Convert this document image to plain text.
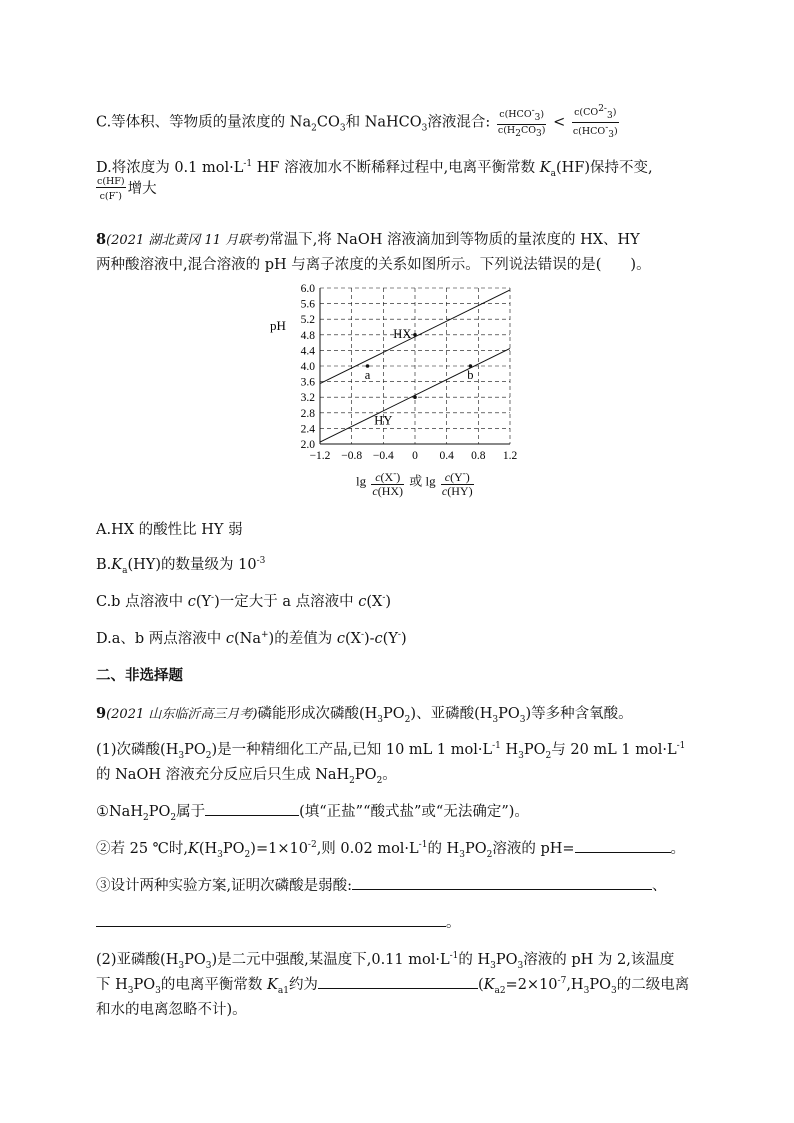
C.等体积、等物质的量浓度的 $Na_2CO_3$和 NaHCO$_3$溶液混合: $\frac{c(HCO^-_3)}{c(H_2CO_3)} < \frac{c(CO^{2-}_3)}{c(HCO^-_3)}$
D.将浓度为 0.1 $mol\cdot L^{-1}$ HF 溶液加水不断稀释过程中,电离平衡常数 $K_a(HF)$保持不变,
$\frac{c(HF)}{c(F^-)}$ 增大
8(2021 湖北黄冈 11 月联考)常温下,将 NaOH 溶液滴加到等物质的量浓度的 HX、HY
两种酸溶液中,混合溶液的 pH 与离子浓度的关系如图所示。下列说法错误的是(　　)。
2.0
2.4
2.8
3.2
3.6
4.0
4.4
4.8
5.2
5.6
6.0
−1.2 −0.8 −0.4 0 0.4 0.8 1.2
HX
HY
a	b
pH
$\lg \frac{c(X^-)}{c(HX)}$ 或 $\lg \frac{c(Y^-)}{c(HY)}$
A.HX 的酸性比 HY 弱
$B.K_a(HY)$的数量级为 $10^{-3}$
C.b 点溶液中 c(Y-)一定大于 a 点溶液中 c(X-)
D.a、b 两点溶液中 c(Na+)的差值为 c(X-)-c(Y-)
二、非选择题
9(2021 山东临沂高三月考)磷能形成次磷酸$(H_3PO_2)$、亚磷酸$(H_3PO_3)$等多种含氧酸。
(1)次磷酸$(H_3PO_2)$是一种精细化工产品,已知 10 mL 1 $mol\cdot L^{-1}$ $H_3PO_2$与 20 mL 1 $mol\cdot L^{-1}$
的 NaOH 溶液充分反应后只生成 $NaH_2PO_2$。
$①NaH_2PO_2$属于	(填“正盐”“酸式盐”或“无法确定”)。
②若 25 ℃时$,K(H_3PO_2)=1\times 10^{-2}$,则 0.02 $mol\cdot L^{-1}$的 $H_3PO_2$溶液的 pH=	。
③设计两种实验方案,证明次磷酸是弱酸:	、
。
(2)亚磷酸$(H_3PO_3)$是二元中强酸,某温度下,0.11 $mol\cdot L^{-1}$的 $H_3PO_3$溶液的 pH 为 2,该温度
下 $H_3PO_3$的电离平衡常数 $K_{a1}$约为	($K_{a2}=2\times 10^{-7},H_3PO_3$的二级电离
和水的电离忽略不计)。
